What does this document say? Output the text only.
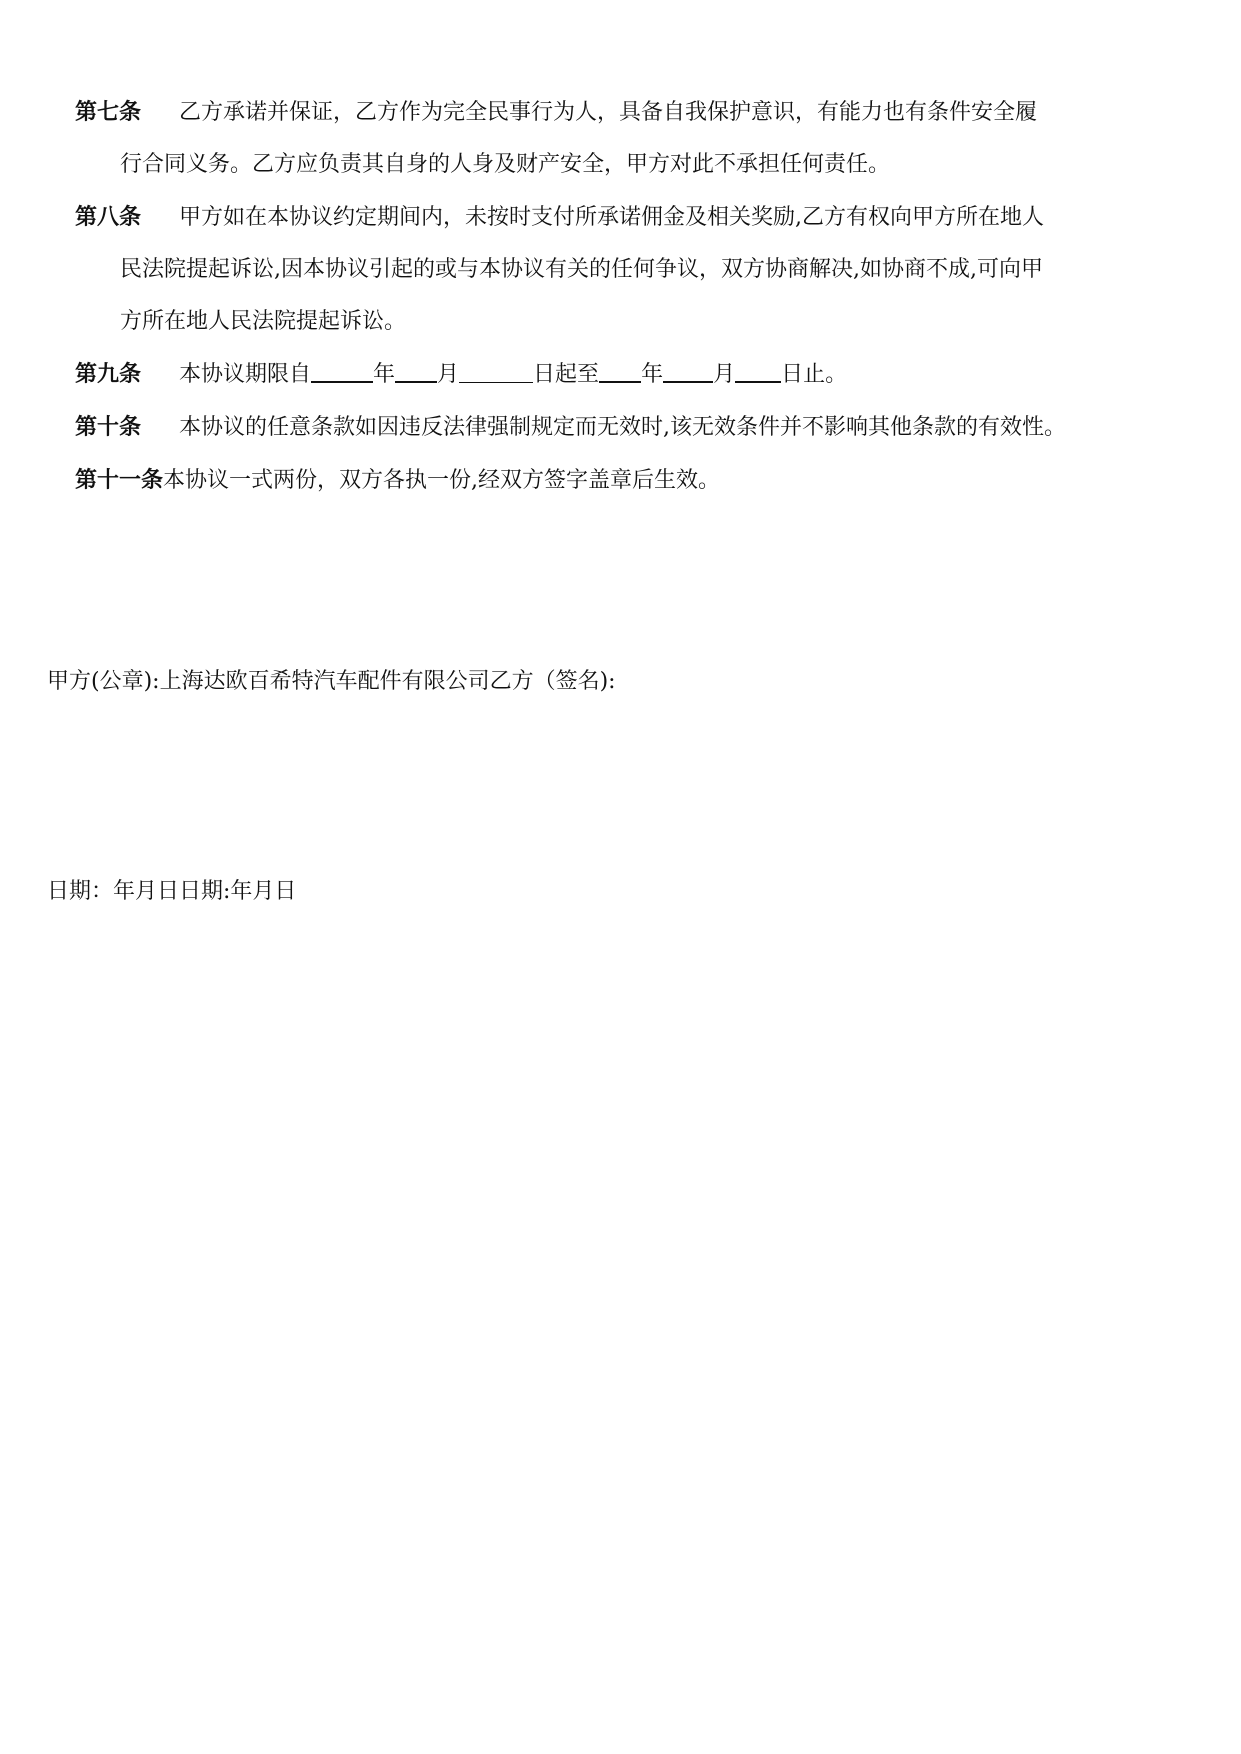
第七条 乙方承诺并保证，乙方作为完全民事行为人，具备自我保护意识，有能力也有条件安全履
行合同义务。乙方应负责其自身的人身及财产安全，甲方对此不承担任何责任。
第八条 甲方如在本协议约定期间内，未按时支付所承诺佣金及相关奖励,乙方有权向甲方所在地人
民法院提起诉讼,因本协议引起的或与本协议有关的任何争议，双方协商解决,如协商不成,可向甲
方所在地人民法院提起诉讼。
第九条 本协议期限自	年 月	日起至 年 月 日止。
第十条 本协议的任意条款如因违反法律强制规定而无效时,该无效条件并不影响其他条款的有效性。
第十一条本协议一式两份，双方各执一份,经双方签字盖章后生效。
甲方(公章):上海达欧百希特汽车配件有限公司乙方（签名):
日期：年月日日期:年月日
